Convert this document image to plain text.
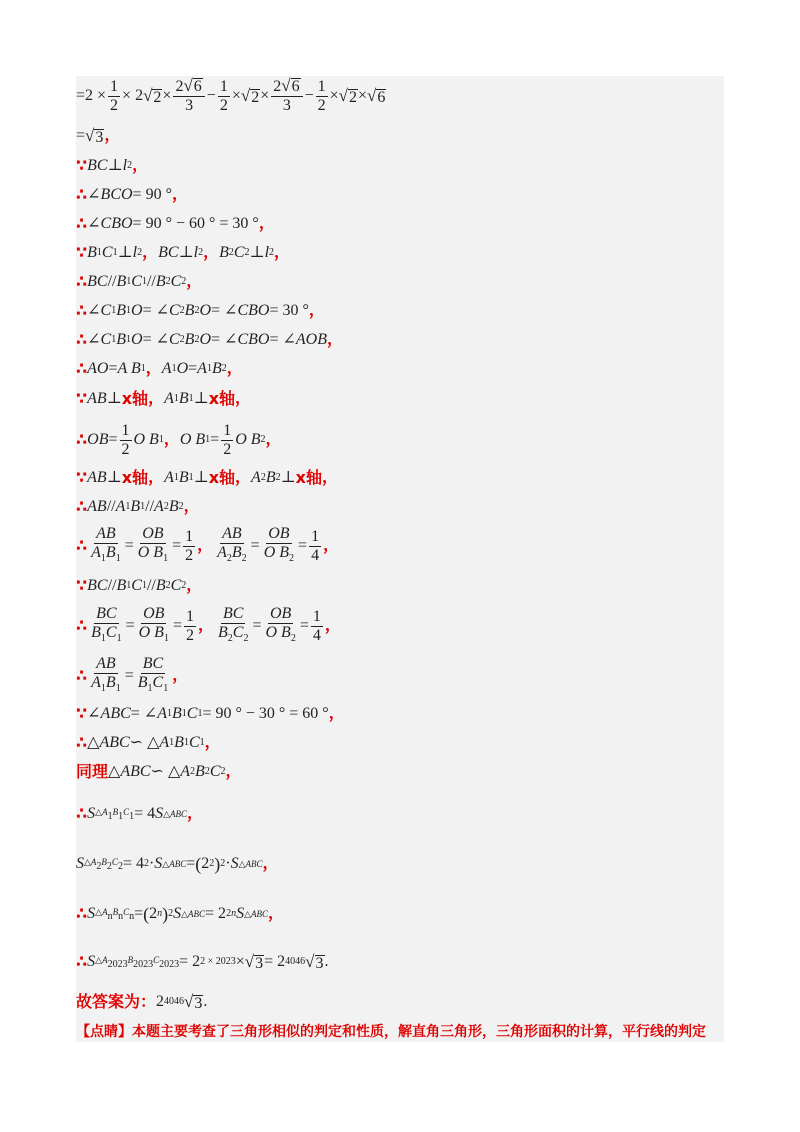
$=2 \times \frac{1}{2} \times 2$ √ $2 \times \frac{2 √ 6}{3} - \frac{1}{2}$ × √ $2 \times \frac{2 √ 6}{3} - \frac{1}{2}$ × √ 2 × √ 6
= √ 3 ，
∵ BC ⊥ l 2 ，
∴ ∠ BCO = 90 ° ，
∴ ∠ CBO = 90 ° − 60 ° = 30 ° ，
∵ B 1 C 1 ⊥ l 2 ， BC ⊥ l 2 ， B 2 C 2 ⊥ l 2 ，
∴ BC // B 1 C 1 // B 2 C 2 ，
∴ ∠ C 1 B 1 O = ∠ C 2 B 2 O = ∠ CBO = 30 ° ，
∴ ∠ C 1 B 1 O = ∠ C 2 B 2 O = ∠ CBO = ∠ AOB ，
∴ AO = A B 1 ， A 1 O = A 1 B 2 ，
∵ AB ⊥ x轴 ， A 1 B 1 ⊥ x轴 ，
∴ OB = $\frac{1}{2}$ O B 1 ， O B $1 = \frac{1}{2}$ O B 2 ，
∵ AB ⊥ x轴 ， A 1 B 1 ⊥ x轴 ， A 2 B 2 ⊥ x轴 ，
∴ AB // A 1 B 1 // A 2 B 2 ，
∴ $\frac{AB}{A_1B_1} = \frac{OB}{O B_1} = \frac{1}{2}$ ， $\frac{AB}{A_2B_2} = \frac{OB}{O B_2} = \frac{1}{4}$ ，
∵ BC // B 1 C 1 // B 2 C 2 ，
∴ $\frac{BC}{B_1C_1} = \frac{OB}{O B_1} = \frac{1}{2}$ ， $\frac{BC}{B_2C_2} = \frac{OB}{O B_2} = \frac{1}{4}$ ，
∴ $\frac{AB}{A_1B_1} = \frac{BC}{B_1C_1}$ ，
∵ ∠ ABC = ∠ A 1 B 1 C 1 = 90 ° − 30 ° = 60 ° ，
∴ △ ABC ∽ △ A 1 B 1 C 1 ，
同理 △ ABC ∽ △ A 2 B 2 C 2 ，
∴ S $\triangle A_1B_1C_1 = 4$ S △ABC ，
S $\triangle A_2B_2C_2 = 4$ 2 · S △ABC = ( 2 2 ) 2 · S △ABC ，
∴ S $\triangle A_nB_nC_n$ = ( 2 n ) 2 S △ABC = 2 2n S △ABC ，
∴ S $\triangle A_{2023}B_{2023}C_{2023} = 2$ 2 × 2023 × √ 3 = 2 4046 √ 3 .
故答案为： 2 4046 √ 3 .
【点睛】本题主要考查了三角形相似的判定和性质，解直角三角形，三角形面积的计算，平行线的判定
